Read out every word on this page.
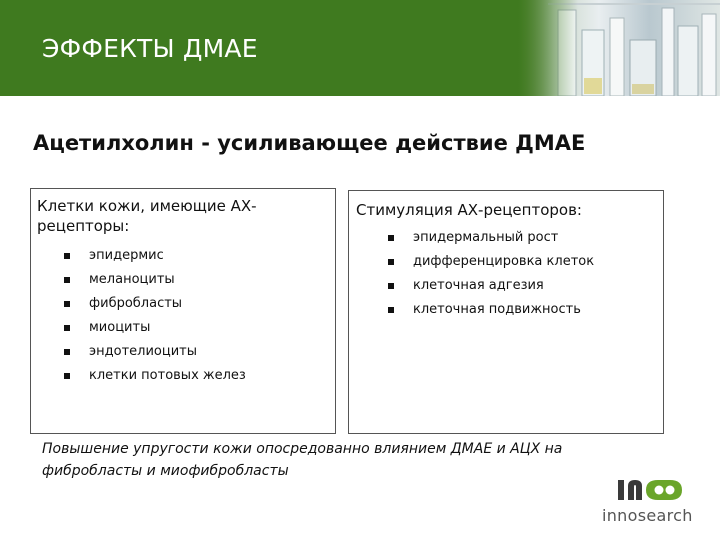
ЭФФЕКТЫ ДМАЕ
Ацетилхолин - усиливающее действие ДМАЕ
Клетки кожи, имеющие АХ-рецепторы:
эпидермис
меланоциты
фибробласты
миоциты
эндотелиоциты
клетки потовых желез
Стимуляция АХ-рецепторов:
эпидермальный рост
дифференцировка клеток
клеточная адгезия
клеточная подвижность
Повышение упругости кожи опосредованно влиянием ДМАЕ и АЦХ на фибробласты и миофибробласты
innosearch
